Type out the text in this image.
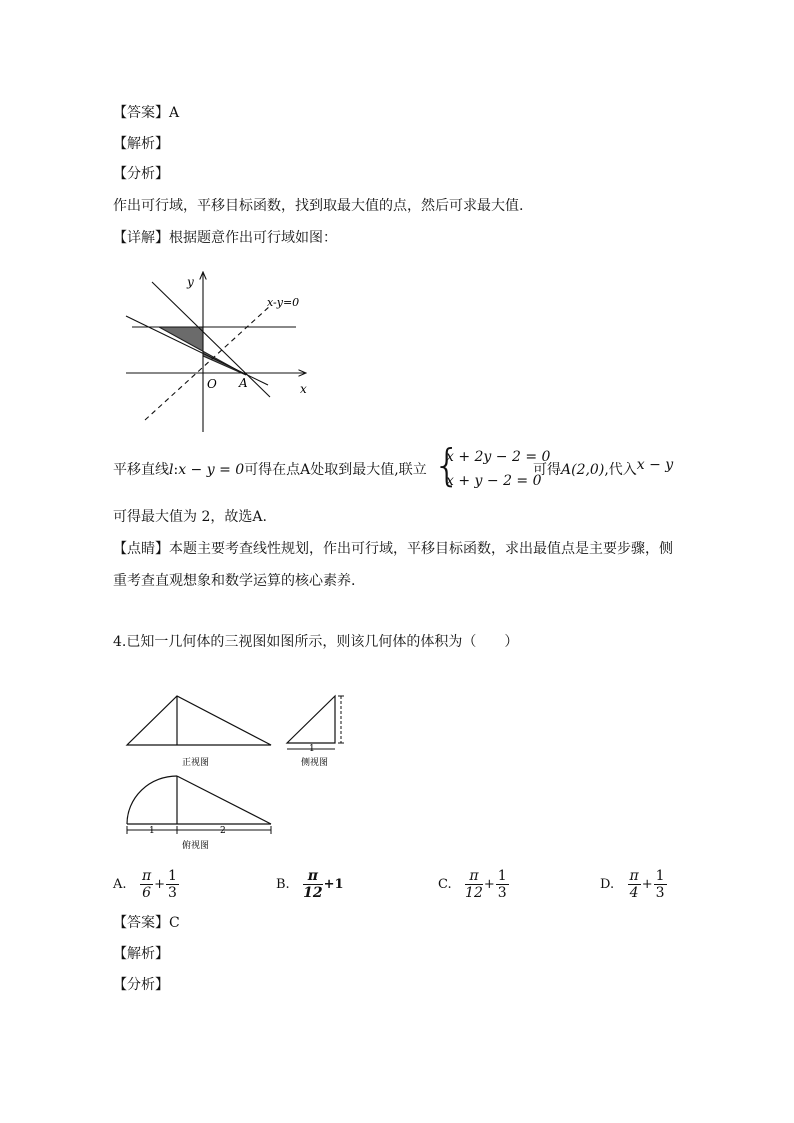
【答案】A
【解析】
【分析】
作出可行域，平移目标函数，找到取最大值的点，然后可求最大值.
【详解】根据题意作出可行域如图：
y
x
O A
x-y=0
平移直线l:x − y = 0可得在点A处取到最大值,联立 {
x + 2y − 2 = 0
x + y − 2 = 0
可得A(2,0),代入x − y
可得最大值为 2，故选A.
【点睛】本题主要考查线性规划，作出可行域，平移目标函数，求出最值点是主要步骤，侧
重考查直观想象和数学运算的核心素养.
4.已知一几何体的三视图如图所示，则该几何体的体积为（　　）
正视图
1
侧视图
1	2
俯视图
A. $\frac{\pi}{6} + \frac{1}{3}$	B. $\frac{\pi}{12} +1$	C. $\frac{\pi}{12} + \frac{1}{3}$	D. $\frac{\pi}{4} + \frac{1}{3}$
【答案】C
【解析】
【分析】
